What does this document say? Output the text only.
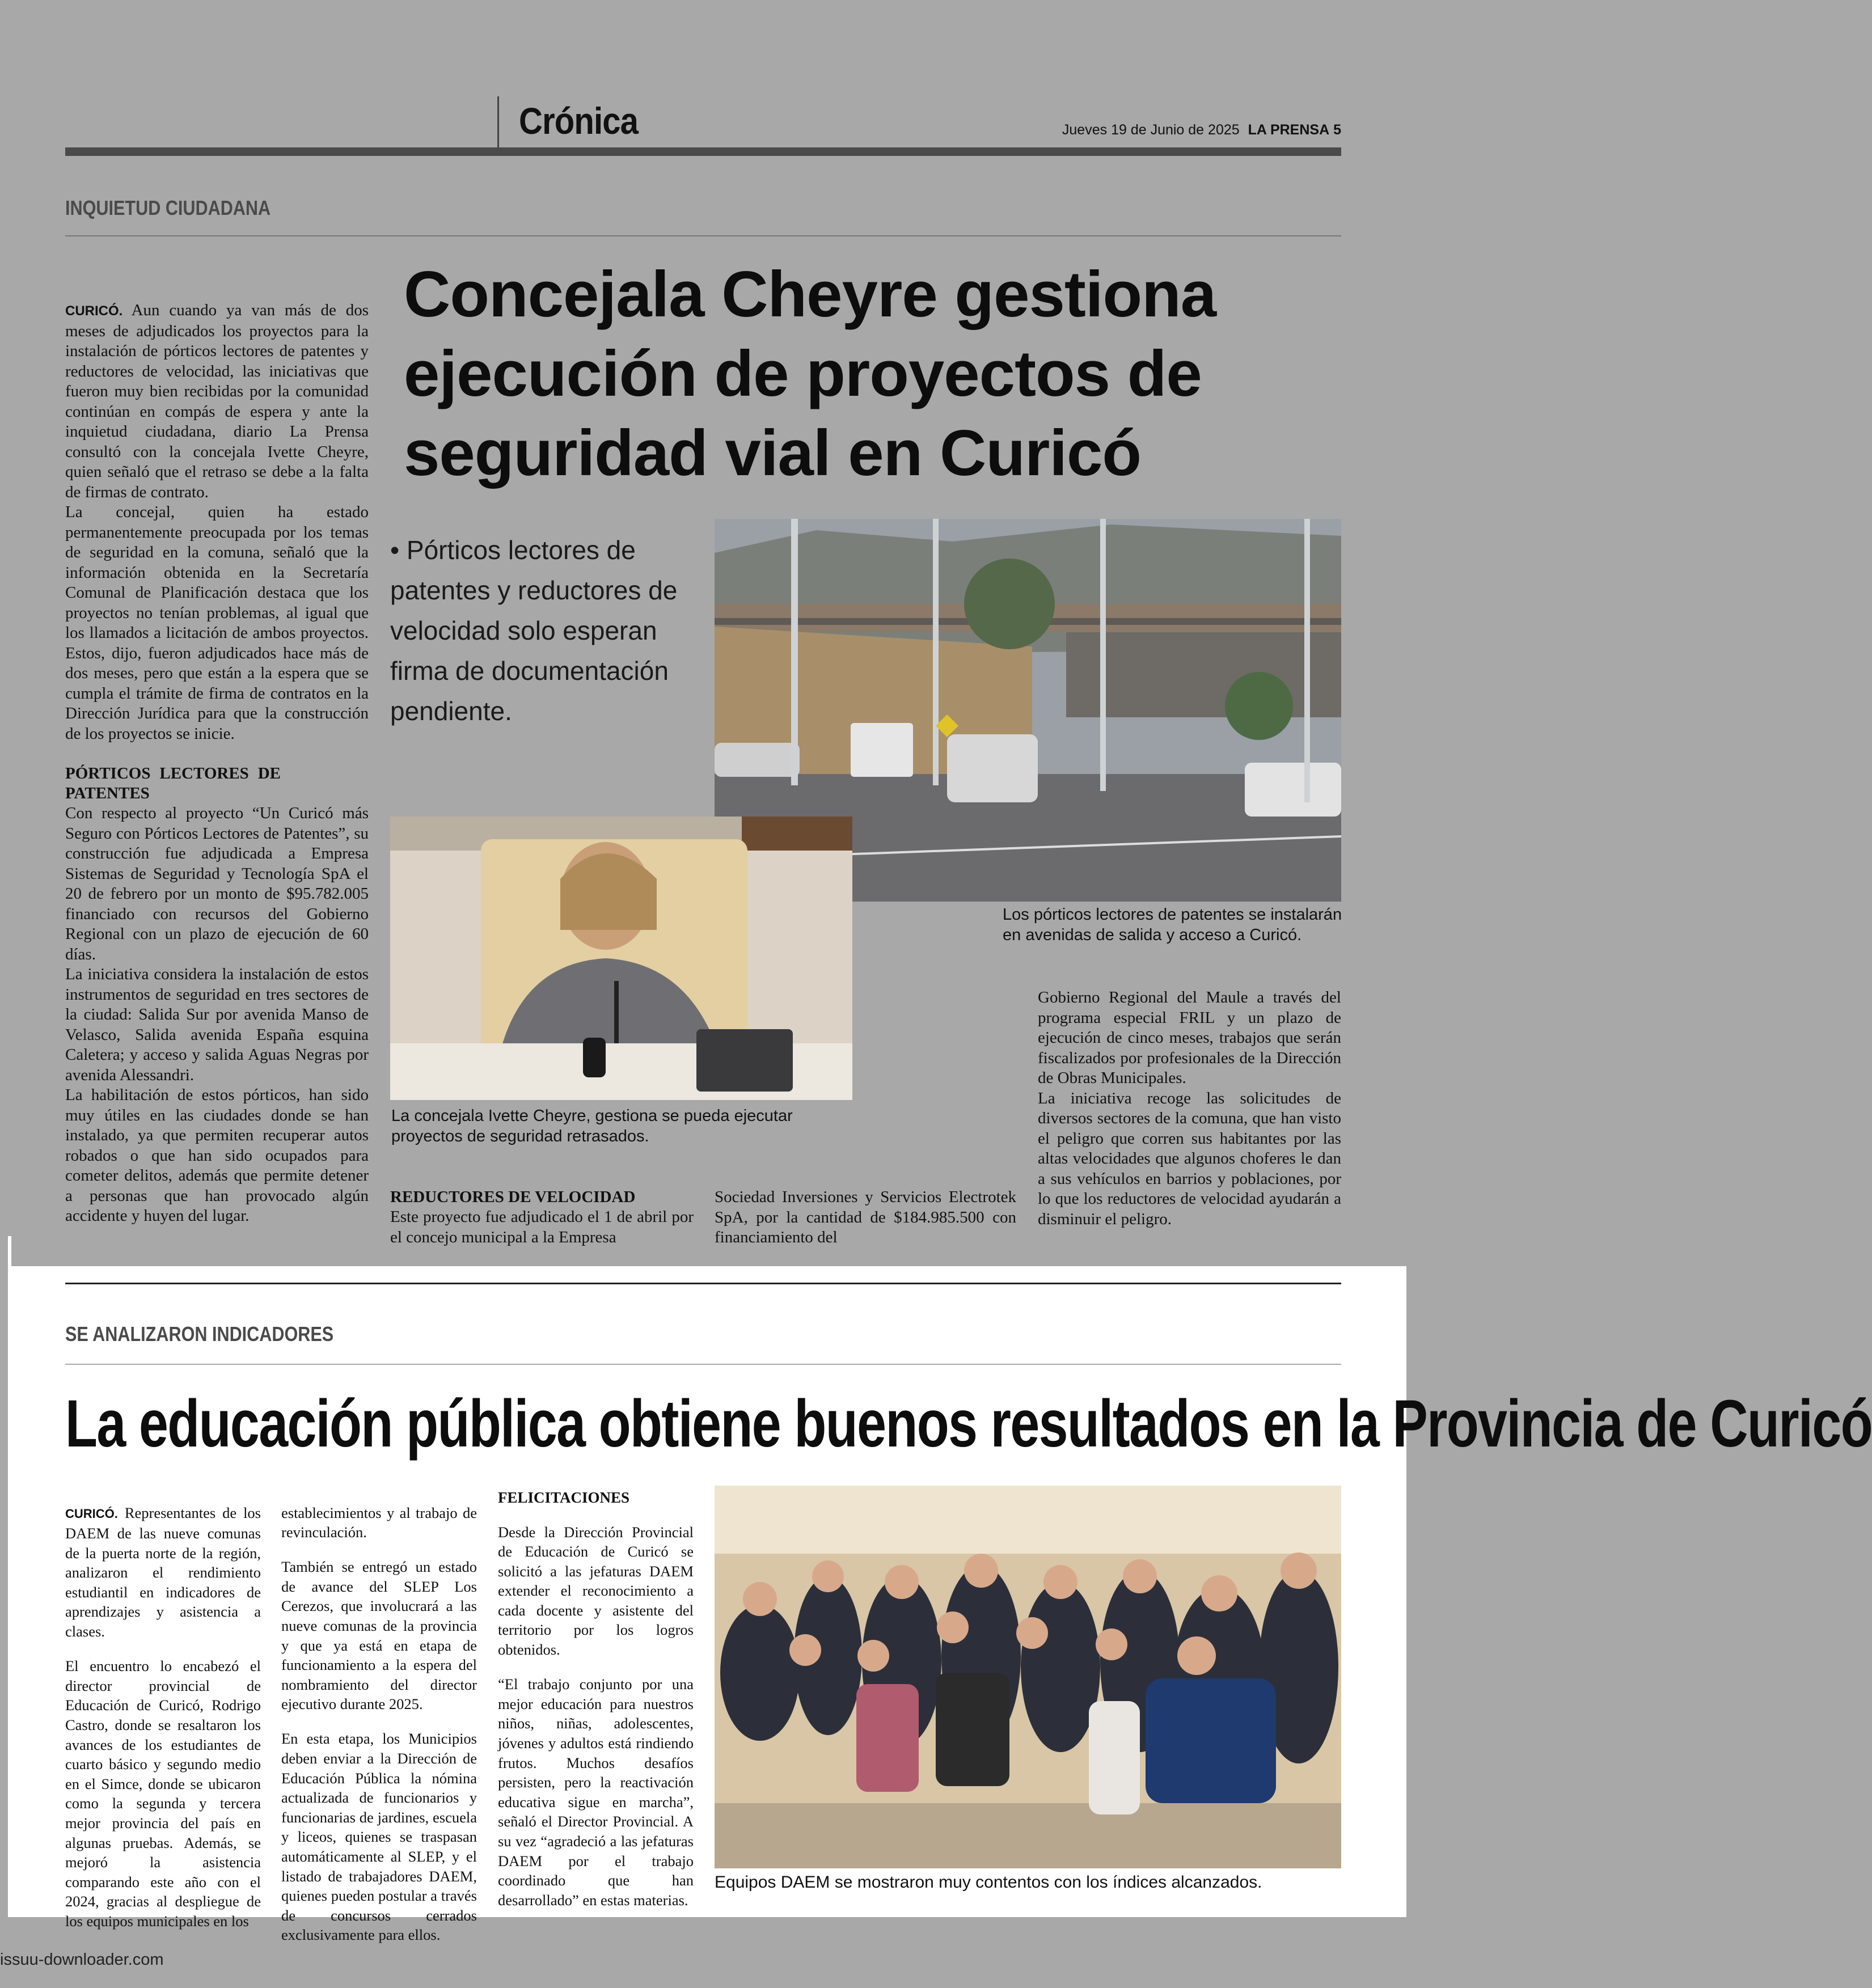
Crónica	Jueves 19 de Junio de 2025 LA PRENSA 5
INQUIETUD CIUDADANA
Concejala Cheyre gestiona ejecución de proyectos de seguridad vial en Curicó

CURICÓ. Aun cuando ya van más de dos meses de adjudicados los proyectos para la instalación de pórticos lectores de patentes y reductores de velocidad, las iniciativas que fueron muy bien recibidas por la comunidad continúan en compás de espera y ante la inquietud ciudadana, diario La Prensa consultó con la concejala Ivette Cheyre, quien señaló que el retraso se debe a la falta de firmas de contrato.

La concejal, quien ha estado permanentemente preocupada por los temas de seguridad en la comuna, señaló que la información obtenida en la Secretaría Comunal de Planificación destaca que los proyectos no tenían problemas, al igual que los llamados a licitación de ambos proyectos. Estos, dijo, fueron adjudicados hace más de dos meses, pero que están a la espera que se cumpla el trámite de firma de contratos en la Dirección Jurídica para que la construcción de los proyectos se inicie.

PÓRTICOS LECTORES DE PATENTES

Con respecto al proyecto “Un Curicó más Seguro con Pórticos Lectores de Patentes”, su construcción fue adjudicada a Empresa Sistemas de Seguridad y Tecnología SpA el 20 de febrero por un monto de $95.782.005 financiado con recursos del Gobierno Regional con un plazo de ejecución de 60 días.

La iniciativa considera la instalación de estos instrumentos de seguridad en tres sectores de la ciudad: Salida Sur por avenida Manso de Velasco, Salida avenida España esquina Caletera; y acceso y salida Aguas Negras por avenida Alessandri.

La habilitación de estos pórticos, han sido muy útiles en las ciudades donde se han instalado, ya que permiten recuperar autos robados o que han sido ocupados para cometer delitos, además que permite detener a personas que han provocado algún accidente y huyen del lugar.

• Pórticos lectores de patentes y reductores de velocidad solo esperan firma de documentación pendiente.
Los pórticos lectores de patentes se instalarán en avenidas de salida y acceso a Curicó.
La concejala Ivette Cheyre, gestiona se pueda ejecutar proyectos de seguridad retrasados.
REDUCTORES DE VELOCIDAD

Este proyecto fue adjudicado el 1 de abril por el concejo municipal a la Empresa

Sociedad Inversiones y Servicios Electrotek SpA, por la cantidad de $184.985.500 con financiamiento del

Gobierno Regional del Maule a través del programa especial FRIL y un plazo de ejecución de cinco meses, trabajos que serán fiscalizados por profesionales de la Dirección de Obras Municipales.

La iniciativa recoge las solicitudes de diversos sectores de la comuna, que han visto el peligro que corren sus habitantes por las altas velocidades que algunos choferes le dan a sus vehículos en barrios y poblaciones, por lo que los reductores de velocidad ayudarán a disminuir el peligro.

SE ANALIZARON INDICADORES
La educación pública obtiene buenos resultados en la Provincia de Curicó

CURICÓ. Representantes de los DAEM de las nueve comunas de la puerta norte de la región, analizaron el rendimiento estudiantil en indicadores de aprendizajes y asistencia a clases.

El encuentro lo encabezó el director provincial de Educación de Curicó, Rodrigo Castro, donde se resaltaron los avances de los estudiantes de cuarto básico y segundo medio en el Simce, donde se ubicaron como la segunda y tercera mejor provincia del país en algunas pruebas. Además, se mejoró la asistencia comparando este año con el 2024, gracias al despliegue de los equipos municipales en los

establecimientos y al trabajo de revinculación.

También se entregó un estado de avance del SLEP Los Cerezos, que involucrará a las nueve comunas de la provincia y que ya está en etapa de funcionamiento a la espera del nombramiento del director ejecutivo durante 2025.

En esta etapa, los Municipios deben enviar a la Dirección de Educación Pública la nómina actualizada de funcionarios y funcionarias de jardines, escuela y liceos, quienes se traspasan automáticamente al SLEP, y el listado de trabajadores DAEM, quienes pueden postular a través de concursos cerrados exclusivamente para ellos.

FELICITACIONES

Desde la Dirección Provincial de Educación de Curicó se solicitó a las jefaturas DAEM extender el reconocimiento a cada docente y asistente del territorio por los logros obtenidos.

“El trabajo conjunto por una mejor educación para nuestros niños, niñas, adolescentes, jóvenes y adultos está rindiendo frutos. Muchos desafíos persisten, pero la reactivación educativa sigue en marcha”, señaló el Director Provincial. A su vez “agradeció a las jefaturas DAEM por el trabajo coordinado que han desarrollado” en estas materias.

Equipos DAEM se mostraron muy contentos con los índices alcanzados.
issuu-downloader.com
